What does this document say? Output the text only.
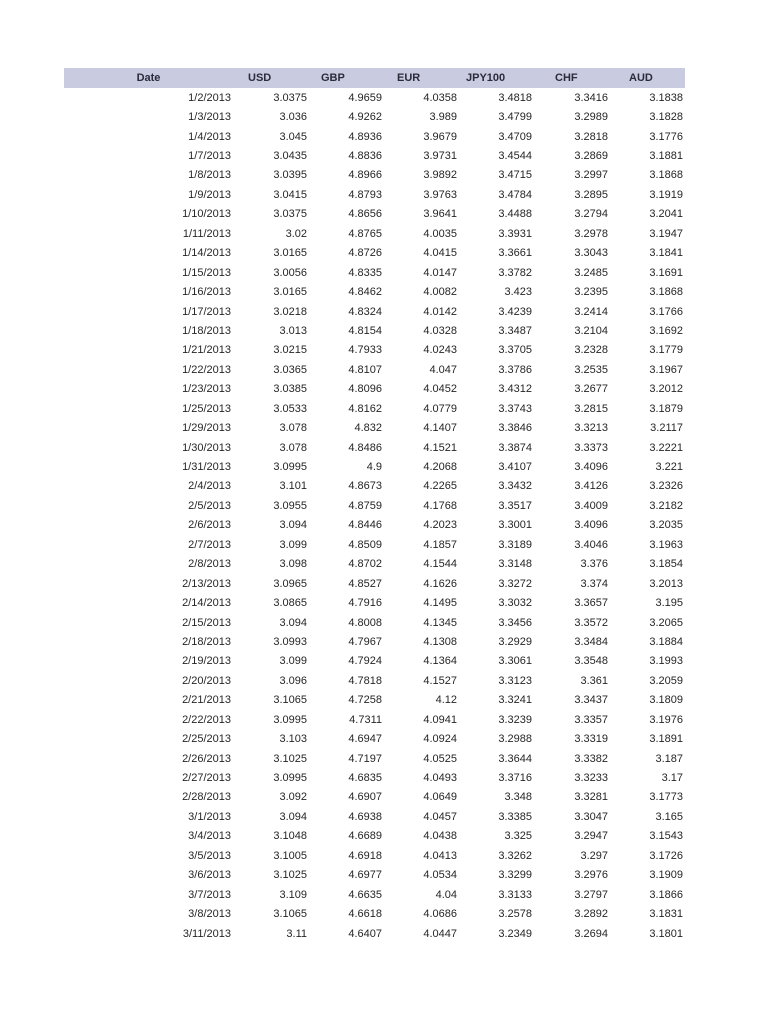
Date	USD	GBP	EUR	JPY100	CHF	AUD
1/2/2013	3.0375	4.9659	4.0358	3.4818	3.3416	3.1838
1/3/2013	3.036	4.9262	3.989	3.4799	3.2989	3.1828
1/4/2013	3.045	4.8936	3.9679	3.4709	3.2818	3.1776
1/7/2013	3.0435	4.8836	3.9731	3.4544	3.2869	3.1881
1/8/2013	3.0395	4.8966	3.9892	3.4715	3.2997	3.1868
1/9/2013	3.0415	4.8793	3.9763	3.4784	3.2895	3.1919
1/10/2013	3.0375	4.8656	3.9641	3.4488	3.2794	3.2041
1/11/2013	3.02	4.8765	4.0035	3.3931	3.2978	3.1947
1/14/2013	3.0165	4.8726	4.0415	3.3661	3.3043	3.1841
1/15/2013	3.0056	4.8335	4.0147	3.3782	3.2485	3.1691
1/16/2013	3.0165	4.8462	4.0082	3.423	3.2395	3.1868
1/17/2013	3.0218	4.8324	4.0142	3.4239	3.2414	3.1766
1/18/2013	3.013	4.8154	4.0328	3.3487	3.2104	3.1692
1/21/2013	3.0215	4.7933	4.0243	3.3705	3.2328	3.1779
1/22/2013	3.0365	4.8107	4.047	3.3786	3.2535	3.1967
1/23/2013	3.0385	4.8096	4.0452	3.4312	3.2677	3.2012
1/25/2013	3.0533	4.8162	4.0779	3.3743	3.2815	3.1879
1/29/2013	3.078	4.832	4.1407	3.3846	3.3213	3.2117
1/30/2013	3.078	4.8486	4.1521	3.3874	3.3373	3.2221
1/31/2013	3.0995	4.9	4.2068	3.4107	3.4096	3.221
2/4/2013	3.101	4.8673	4.2265	3.3432	3.4126	3.2326
2/5/2013	3.0955	4.8759	4.1768	3.3517	3.4009	3.2182
2/6/2013	3.094	4.8446	4.2023	3.3001	3.4096	3.2035
2/7/2013	3.099	4.8509	4.1857	3.3189	3.4046	3.1963
2/8/2013	3.098	4.8702	4.1544	3.3148	3.376	3.1854
2/13/2013	3.0965	4.8527	4.1626	3.3272	3.374	3.2013
2/14/2013	3.0865	4.7916	4.1495	3.3032	3.3657	3.195
2/15/2013	3.094	4.8008	4.1345	3.3456	3.3572	3.2065
2/18/2013	3.0993	4.7967	4.1308	3.2929	3.3484	3.1884
2/19/2013	3.099	4.7924	4.1364	3.3061	3.3548	3.1993
2/20/2013	3.096	4.7818	4.1527	3.3123	3.361	3.2059
2/21/2013	3.1065	4.7258	4.12	3.3241	3.3437	3.1809
2/22/2013	3.0995	4.7311	4.0941	3.3239	3.3357	3.1976
2/25/2013	3.103	4.6947	4.0924	3.2988	3.3319	3.1891
2/26/2013	3.1025	4.7197	4.0525	3.3644	3.3382	3.187
2/27/2013	3.0995	4.6835	4.0493	3.3716	3.3233	3.17
2/28/2013	3.092	4.6907	4.0649	3.348	3.3281	3.1773
3/1/2013	3.094	4.6938	4.0457	3.3385	3.3047	3.165
3/4/2013	3.1048	4.6689	4.0438	3.325	3.2947	3.1543
3/5/2013	3.1005	4.6918	4.0413	3.3262	3.297	3.1726
3/6/2013	3.1025	4.6977	4.0534	3.3299	3.2976	3.1909
3/7/2013	3.109	4.6635	4.04	3.3133	3.2797	3.1866
3/8/2013	3.1065	4.6618	4.0686	3.2578	3.2892	3.1831
3/11/2013	3.11	4.6407	4.0447	3.2349	3.2694	3.1801
